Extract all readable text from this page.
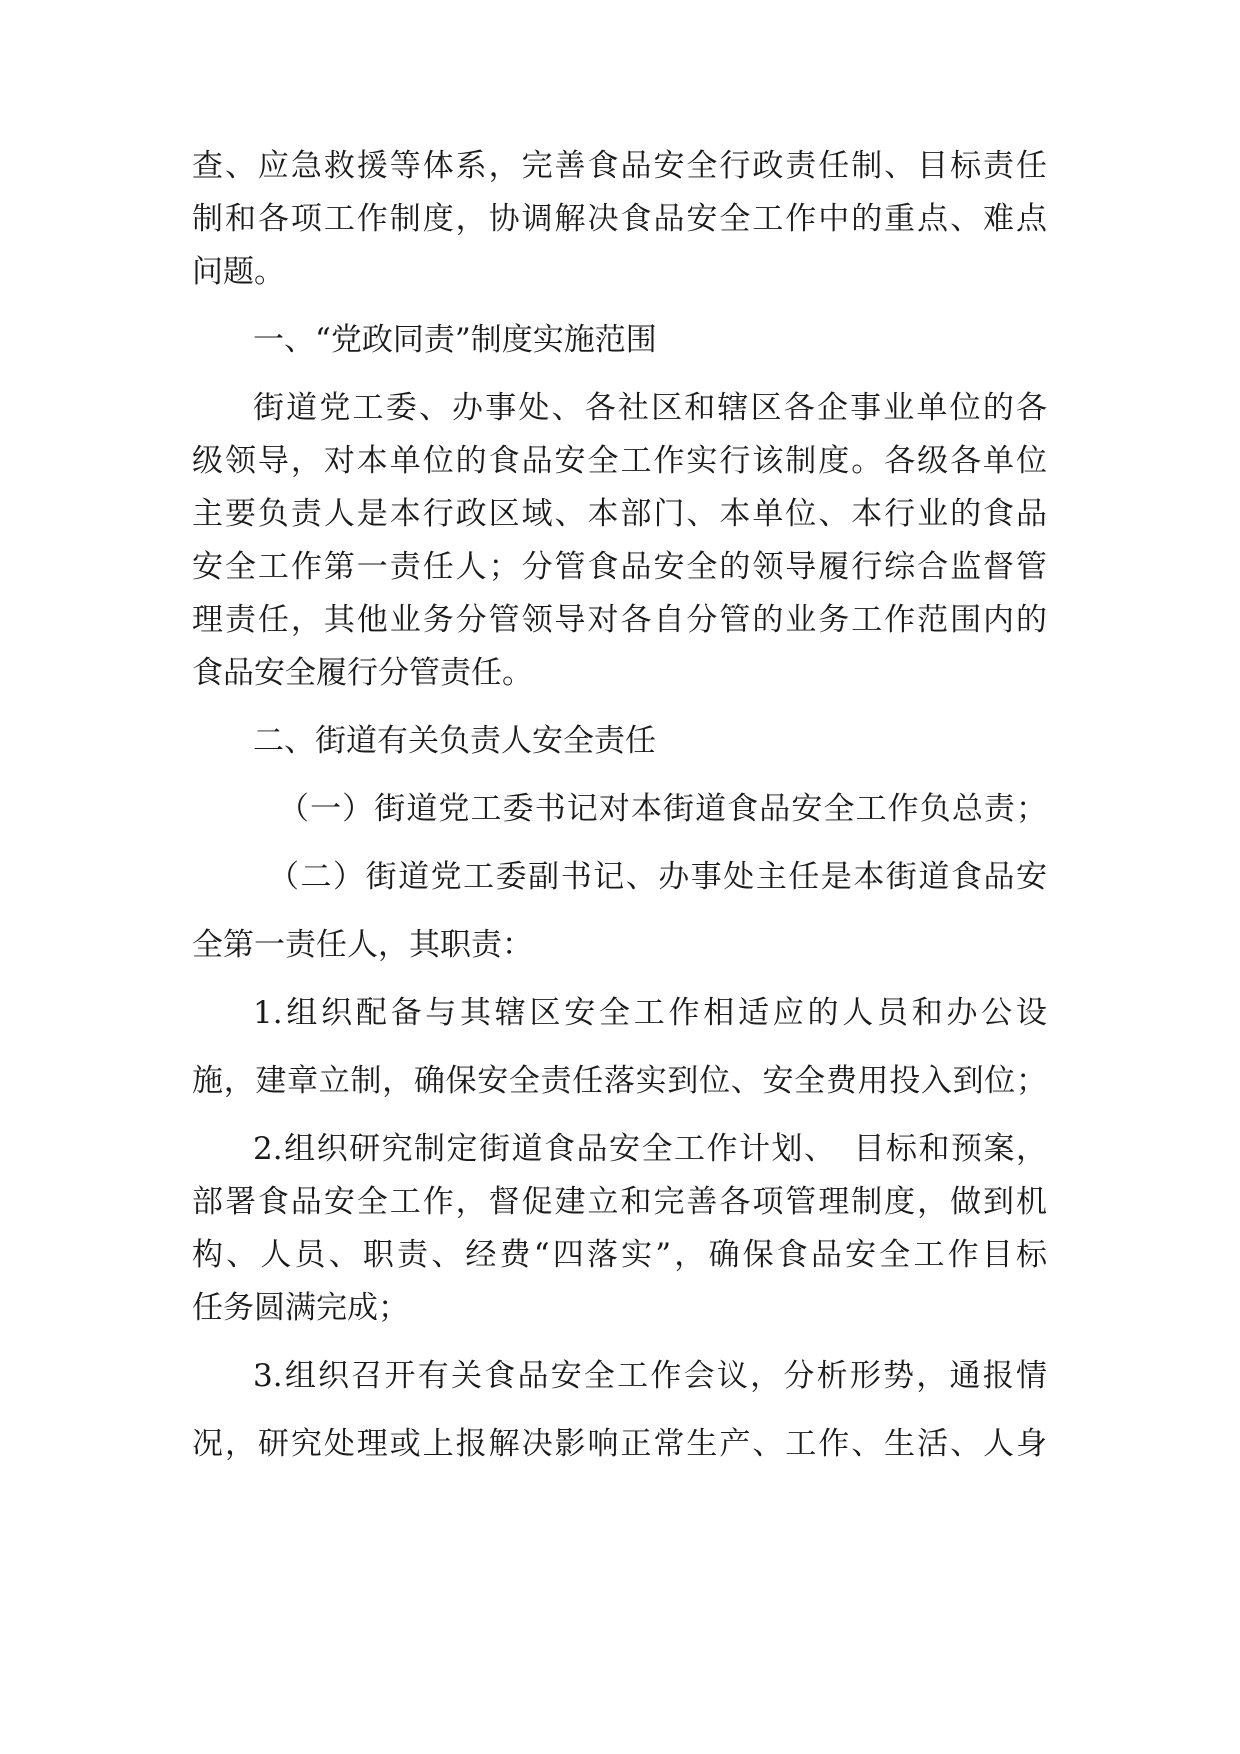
查、应急救援等体系，完善食品安全行政责任制、目标责任
制和各项工作制度，协调解决食品安全工作中的重点、难点
问题。
一、“党政同责”制度实施范围
街道党工委、办事处、各社区和辖区各企事业单位的各
级领导，对本单位的食品安全工作实行该制度。各级各单位
主要负责人是本行政区域、本部门、本单位、本行业的食品
安全工作第一责任人；分管食品安全的领导履行综合监督管
理责任，其他业务分管领导对各自分管的业务工作范围内的
食品安全履行分管责任。
二、街道有关负责人安全责任
（一）街道党工委书记对本街道食品安全工作负总责；
（二）街道党工委副书记、办事处主任是本街道食品安
全第一责任人，其职责：
1.组织配备与其辖区安全工作相适应的人员和办公设
施，建章立制，确保安全责任落实到位、安全费用投入到位；
2.组织研究制定街道食品安全工作计划、　目标和预案，
部署食品安全工作，督促建立和完善各项管理制度，做到机
构、人员、职责、经费“四落实”，确保食品安全工作目标
任务圆满完成；
3.组织召开有关食品安全工作会议，分析形势，通报情
况，研究处理或上报解决影响正常生产、工作、生活、人身
